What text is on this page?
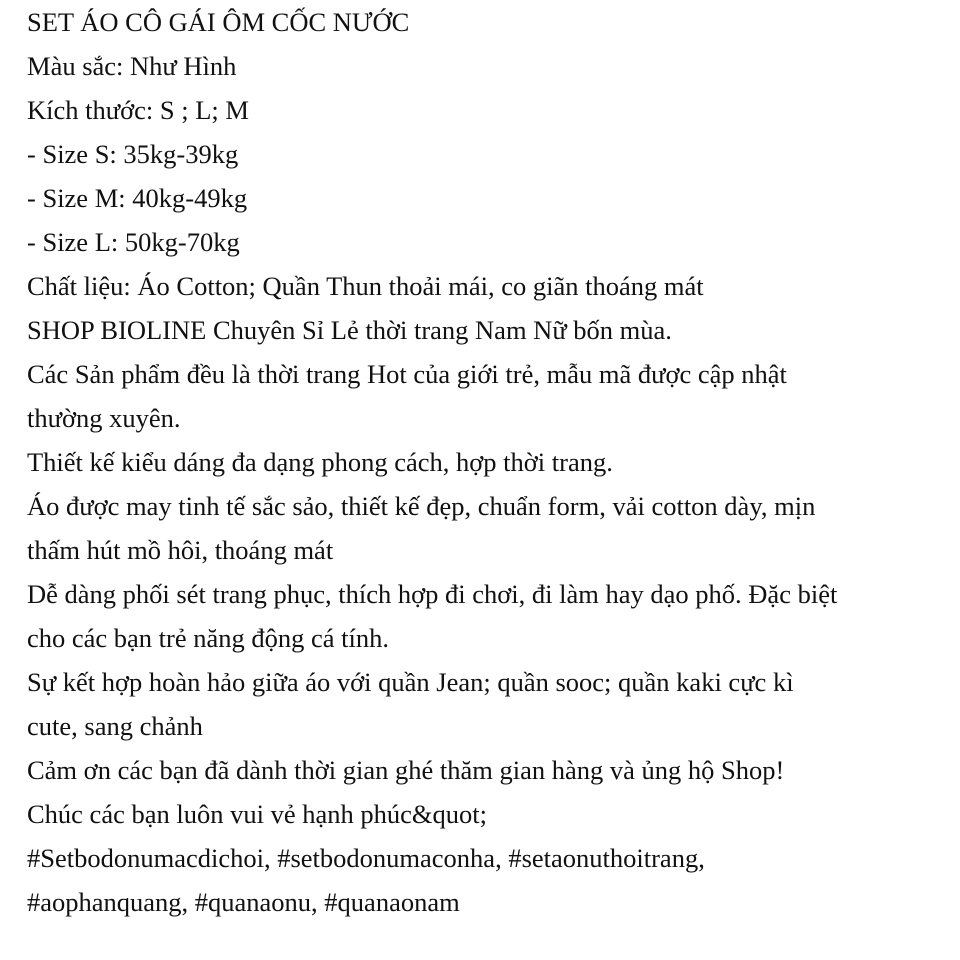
SET ÁO CÔ GÁI ÔM CỐC NƯỚC
Màu sắc: Như Hình
Kích thước: S ; L; M
- Size S: 35kg-39kg
- Size M: 40kg-49kg
- Size L: 50kg-70kg
Chất liệu: Áo Cotton; Quần Thun thoải mái, co giãn thoáng mát
SHOP BIOLINE Chuyên Sỉ Lẻ thời trang Nam Nữ bốn mùa.
Các Sản phẩm đều là thời trang Hot của giới trẻ, mẫu mã được cập nhật
thường xuyên.
Thiết kế kiểu dáng đa dạng phong cách, hợp thời trang.
Áo được may tinh tế sắc sảo, thiết kế đẹp, chuẩn form, vải cotton dày, mịn
thấm hút mồ hôi, thoáng mát
Dễ dàng phối sét trang phục, thích hợp đi chơi, đi làm hay dạo phố. Đặc biệt
cho các bạn trẻ năng động cá tính.
Sự kết hợp hoàn hảo giữa áo với quần Jean; quần sooc; quần kaki cực kì
cute, sang chảnh
Cảm ơn các bạn đã dành thời gian ghé thăm gian hàng và ủng hộ Shop!
Chúc các bạn luôn vui vẻ hạnh phúc&quot;
#Setbodonumacdichoi, #setbodonumaconha, #setaonuthoitrang,
#aophanquang, #quanaonu, #quanaonam
